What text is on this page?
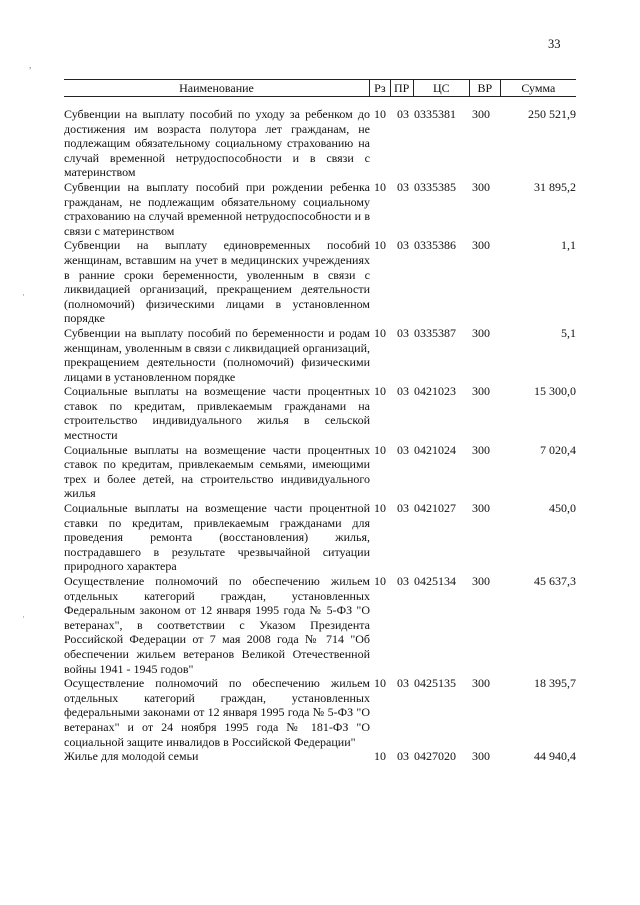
33
,
·
·
Наименование	Рз ПР	ЦС	ВР	Сумма
Субвенции на выплату пособий по уходу за ребенком до достижения им возраста полутора лет гражданам, не подлежащим обязательному социальному страхованию на случай временной нетрудоспособности и в связи с материнством
10 03 0335381	300	250 521,9
Субвенции на выплату пособий при рождении ребенка гражданам, не подлежащим обязательному социальному страхованию на случай временной нетрудоспособности и в связи с материнством
10 03 0335385	300	31 895,2
Субвенции на выплату единовременных пособий женщинам, вставшим на учет в медицинских учреждениях в ранние сроки беременности, уволенным в связи с ликвидацией организаций, прекращением деятельности (полномочий) физическими лицами в установленном порядке
10 03 0335386	300	1,1
Субвенции на выплату пособий по беременности и родам женщинам, уволенным в связи с ликвидацией организаций, прекращением деятельности (полномочий) физическими лицами в установленном порядке
10 03 0335387	300	5,1
Социальные выплаты на возмещение части процентных ставок по кредитам, привлекаемым гражданами на строительство индивидуального жилья в сельской местности
10 03 0421023	300	15 300,0
Социальные выплаты на возмещение части процентных ставок по кредитам, привлекаемым семьями, имеющими трех и более детей, на строительство индивидуального жилья
10 03 0421024	300	7 020,4
Социальные выплаты на возмещение части процентной ставки по кредитам, привлекаемым гражданами для проведения ремонта (восстановления) жилья, пострадавшего в результате чрезвычайной ситуации природного характера
10 03 0421027	300	450,0
Осуществление полномочий по обеспечению жильем отдельных категорий граждан, установленных Федеральным законом от 12 января 1995 года № 5-ФЗ "О ветеранах", в соответствии с Указом Президента Российской Федерации от 7 мая 2008 года № 714 "Об обеспечении жильем ветеранов Великой Отечественной войны 1941 - 1945 годов"
10 03 0425134	300	45 637,3
Осуществление полномочий по обеспечению жильем отдельных категорий граждан, установленных федеральными законами от 12 января 1995 года № 5-ФЗ "О ветеранах" и от 24 ноября 1995 года № 181-ФЗ "О социальной защите инвалидов в Российской Федерации"
10 03 0425135	300	18 395,7
Жилье для молодой семьи	10 03 0427020	300	44 940,4
